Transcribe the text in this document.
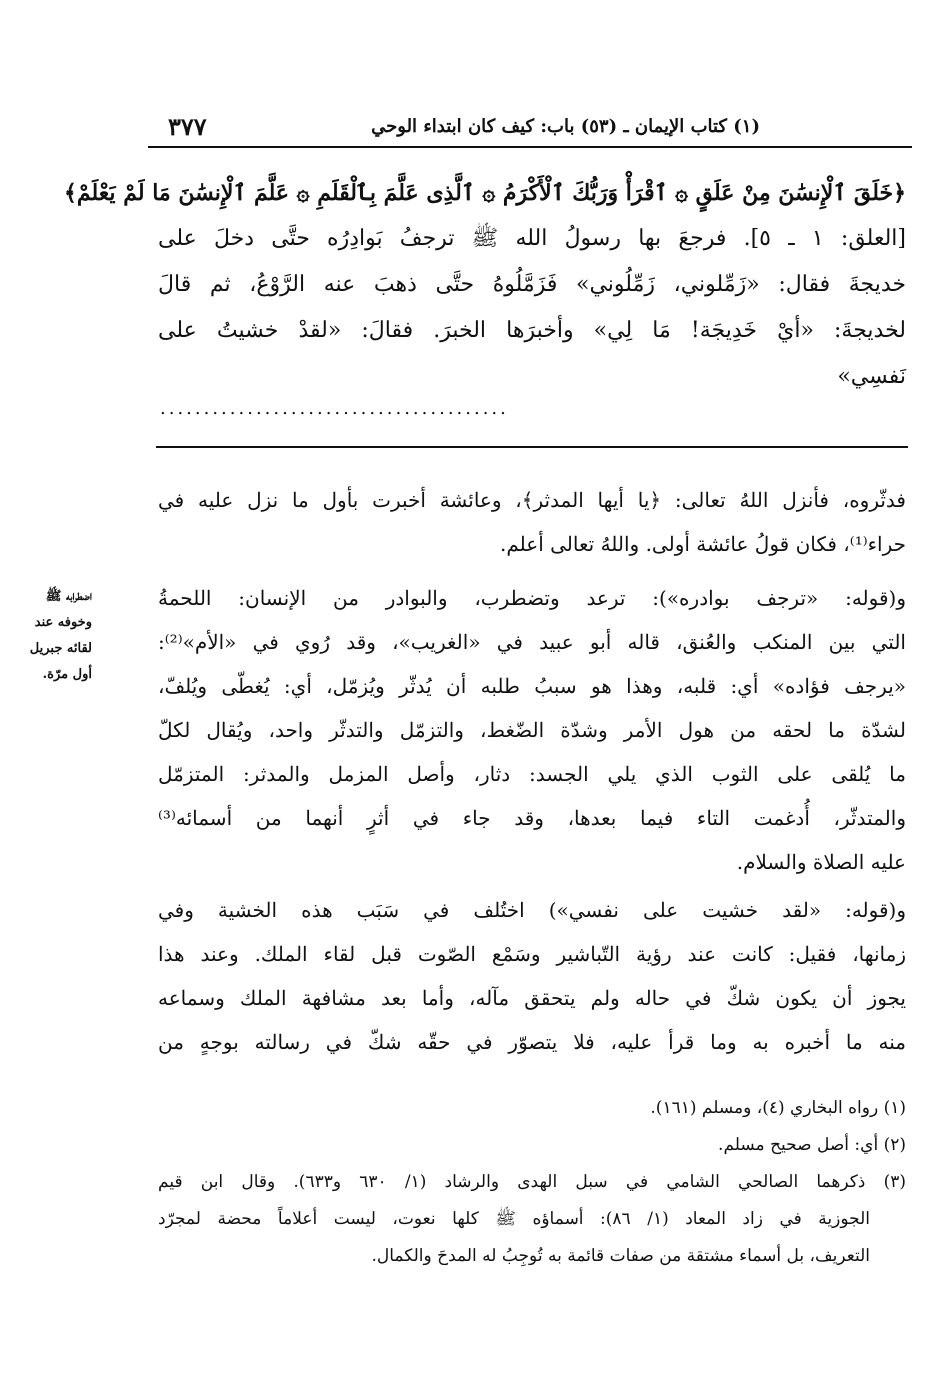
٣٧٧	(١) كتاب الإيمان ـ (٥٣) باب: كيف كان ابتداء الوحي
﴿خَلَقَ ٱلْإِنسَٰنَ مِنْ عَلَقٍ ۞ ٱقْرَأْ وَرَبُّكَ ٱلْأَكْرَمُ ۞ ٱلَّذِى عَلَّمَ بِٱلْقَلَمِ ۞ عَلَّمَ ٱلْإِنسَٰنَ مَا لَمْ يَعْلَمْ﴾
[العلق: ١ ـ ٥]. فرجعَ بها رسولُ الله ﷺ ترجفُ بَوادِرُه حتَّى دخلَ على
خديجةَ فقال: «زَمِّلوني، زَمِّلُوني» فَزَمَّلُوهُ حتَّى ذهبَ عنه الرَّوْعُ، ثم قالَ
لخديجةَ: «أيْ خَدِيجَة! مَا لِي» وأخبرَها الخبرَ. فقالَ: «لقدْ خشيتُ على
نَفسِي»
........................................
فدثّروه، فأنزل اللهُ تعالى: ﴿يا أيها المدثر﴾، وعائشة أخبرت بأول ما نزل عليه في
حراء⁽¹⁾، فكان قولُ عائشة أولى. واللهُ تعالى أعلم.
و(قوله: «ترجف بوادره»): ترعد وتضطرب، والبوادر من الإنسان: اللحمةُ
التي بين المنكب والعُنق، قاله أبو عبيد في «الغريب»، وقد رُوي في «الأم»⁽²⁾:
«يرجف فؤاده» أي: قلبه، وهذا هو سببُ طلبه أن يُدثّر ويُزمّل، أي: يُغطّى ويُلفّ،
لشدّة ما لحقه من هول الأمر وشدّة الضّغط، والتزمّل والتدثّر واحد، ويُقال لكلّ
ما يُلقى على الثوب الذي يلي الجسد: دثار، وأصل المزمل والمدثر: المتزمّل
والمتدثّر، أُدغمت التاء فيما بعدها، وقد جاء في أثرٍ أنهما من أسمائه⁽³⁾
عليه الصلاة والسلام.
و(قوله: «لقد خشيت على نفسي») اختُلف في سَبَب هذه الخشية وفي
زمانها، فقيل: كانت عند رؤية التّباشير وسَمْع الصّوت قبل لقاء الملك. وعند هذا
يجوز أن يكون شكّ في حاله ولم يتحقق مآله، وأما بعد مشافهة الملك وسماعه
منه ما أخبره به وما قرأ عليه، فلا يتصوّر في حقّه شكّ في رسالته بوجهٍ من
اضطرابه ﷺ
وخوفه عند
لقائه جبريل
أول مرّة.
(١) رواه البخاري (٤)، ومسلم (١٦١).
(٢) أي: أصل صحيح مسلم.
(٣) ذكرهما الصالحي الشامي في سبل الهدى والرشاد (١/ ٦٣٠ و٦٣٣). وقال ابن قيم
الجوزية في زاد المعاد (١/ ٨٦): أسماؤه ﷺ كلها نعوت، ليست أعلاماً محضة لمجرّد
التعريف، بل أسماء مشتقة من صفات قائمة به تُوجِبُ له المدحَ والكمال.
